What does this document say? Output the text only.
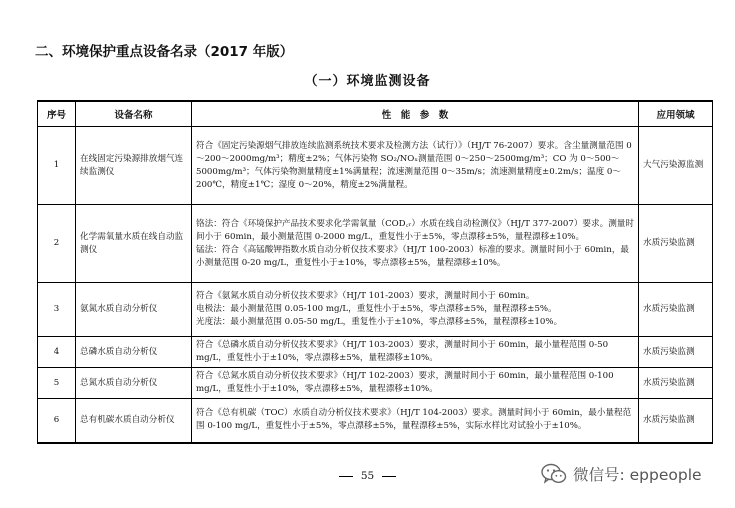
二、环境保护重点设备名录（2017 年版）
（一）环境监测设备
序号	设备名称	性　能　参　数	应用领域
1	在线固定污染源排放烟气连续监测仪	符合《固定污染源烟气排放连续监测系统技术要求及检测方法（试行）》（HJ/T 76-2007）要求。含尘量测量范围 0～200～2000mg/m³；精度±2%；气体污染物 SO₂/NOₓ测量范围 0～250～2500mg/m³；CO 为 0～500～5000mg/m³；气体污染物测量精度±1%满量程；流速测量范围 0～35m/s；流速测量精度±0.2m/s；温度 0～200℃，精度±1℃；湿度 0～20%，精度±2%满量程。	大气污染源监测
2	化学需氧量水质在线自动监测仪	铬法：符合《环境保护产品技术要求化学需氧量（COD꜀ᵣ）水质在线自动检测仪》（HJ/T 377-2007）要求。测量时间小于 60min，最小测量范围 0-2000 mg/L，重复性小于±5%，零点漂移±5%，量程漂移±10%。
锰法：符合《高锰酸钾指数水质自动分析仪技术要求》（HJ/T 100-2003）标准的要求。测量时间小于 60min，最小测量范围 0-20 mg/L，重复性小于±10%，零点漂移±5%，量程漂移±10%。	水质污染监测
3	氨氮水质自动分析仪	符合《氨氮水质自动分析仪技术要求》（HJ/T 101-2003）要求，测量时间小于 60min。
电极法：最小测量范围 0.05-100 mg/L，重复性小于±5%，零点漂移±5%，量程漂移±5%。
光度法：最小测量范围 0.05-50 mg/L，重复性小于±10%，零点漂移±5%，量程漂移±10%。	水质污染监测
4	总磷水质自动分析仪	符合《总磷水质自动分析仪技术要求》（HJ/T 103-2003）要求，测量时间小于 60min，最小量程范围 0-50 mg/L，重复性小于±10%，零点漂移±5%，量程漂移±10%。	水质污染监测
5	总氮水质自动分析仪	符合《总氮水质自动分析仪技术要求》（HJ/T 102-2003）要求，测量时间小于 60min，最小量程范围 0-100 mg/L，重复性小于±10%，零点漂移±5%，量程漂移±10%。	水质污染监测
6	总有机碳水质自动分析仪	符合《总有机碳（TOC）水质自动分析仪技术要求》（HJ/T 104-2003）要求。测量时间小于 60min，最小量程范围 0-100 mg/L，重复性小于±5%，零点漂移±5%，量程漂移±5%，实际水样比对试验小于±10%。	水质污染监测
55	微信号: eppeople
